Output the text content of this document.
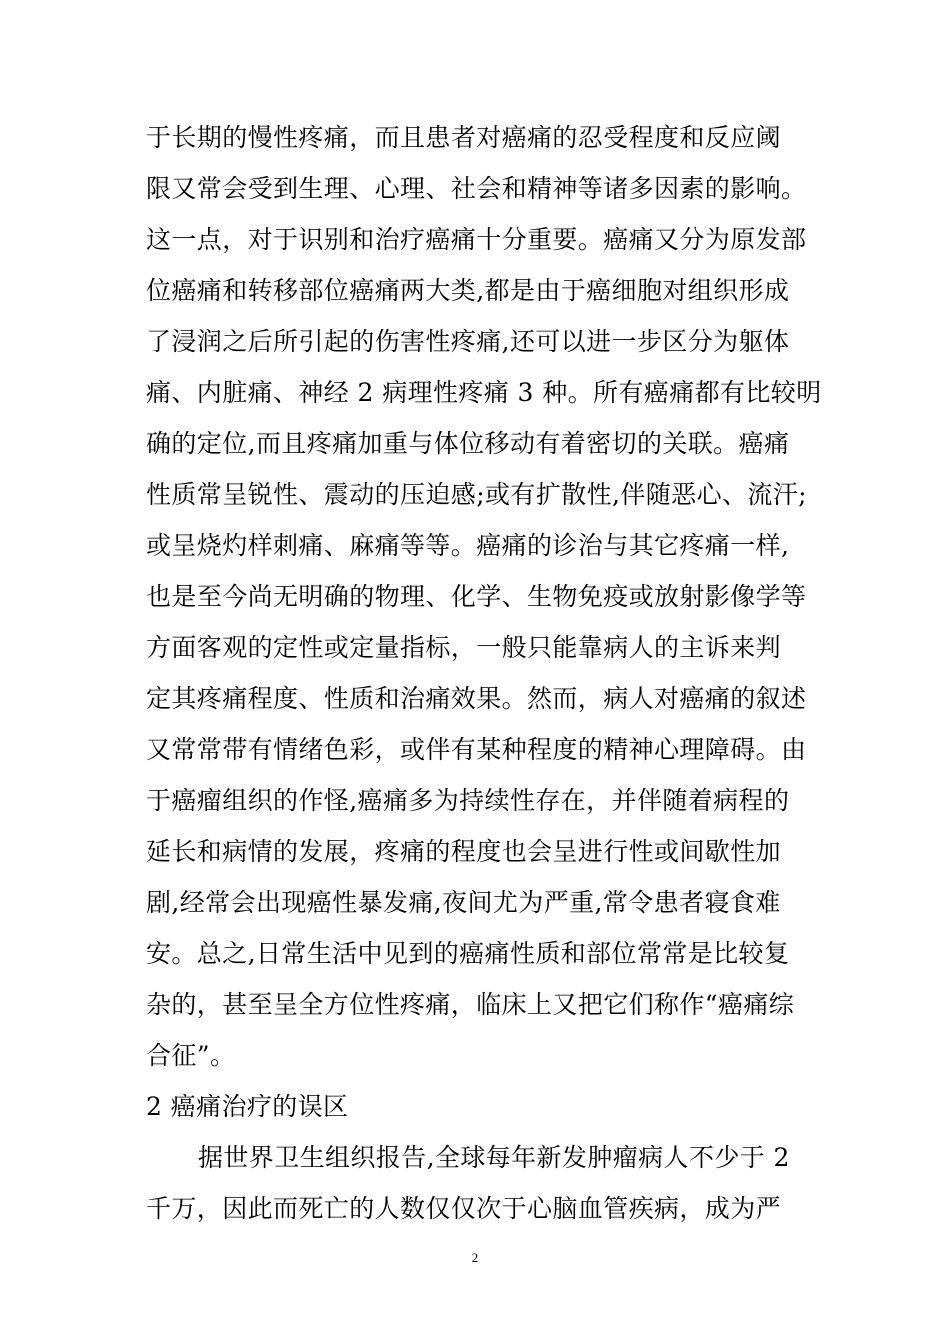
于长期的慢性疼痛，而且患者对癌痛的忍受程度和反应阈
限又常会受到生理、心理、社会和精神等诸多因素的影响。
这一点，对于识别和治疗癌痛十分重要。癌痛又分为原发部
位癌痛和转移部位癌痛两大类,都是由于癌细胞对组织形成
了浸润之后所引起的伤害性疼痛,还可以进一步区分为躯体
痛、内脏痛、神经 2 病理性疼痛 3 种。所有癌痛都有比较明
确的定位,而且疼痛加重与体位移动有着密切的关联。癌痛
性质常呈锐性、震动的压迫感;或有扩散性,伴随恶心、流汗;
或呈烧灼样刺痛、麻痛等等。癌痛的诊治与其它疼痛一样,
也是至今尚无明确的物理、化学、生物免疫或放射影像学等
方面客观的定性或定量指标，一般只能靠病人的主诉来判
定其疼痛程度、性质和治痛效果。然而，病人对癌痛的叙述
又常常带有情绪色彩，或伴有某种程度的精神心理障碍。由
于癌瘤组织的作怪,癌痛多为持续性存在，并伴随着病程的
延长和病情的发展，疼痛的程度也会呈进行性或间歇性加
剧,经常会出现癌性暴发痛,夜间尤为严重,常令患者寝食难
安。总之,日常生活中见到的癌痛性质和部位常常是比较复
杂的，甚至呈全方位性疼痛，临床上又把它们称作“癌痛综
合征”。
2 癌痛治疗的误区
据世界卫生组织报告,全球每年新发肿瘤病人不少于 2
千万，因此而死亡的人数仅仅次于心脑血管疾病，成为严
2
